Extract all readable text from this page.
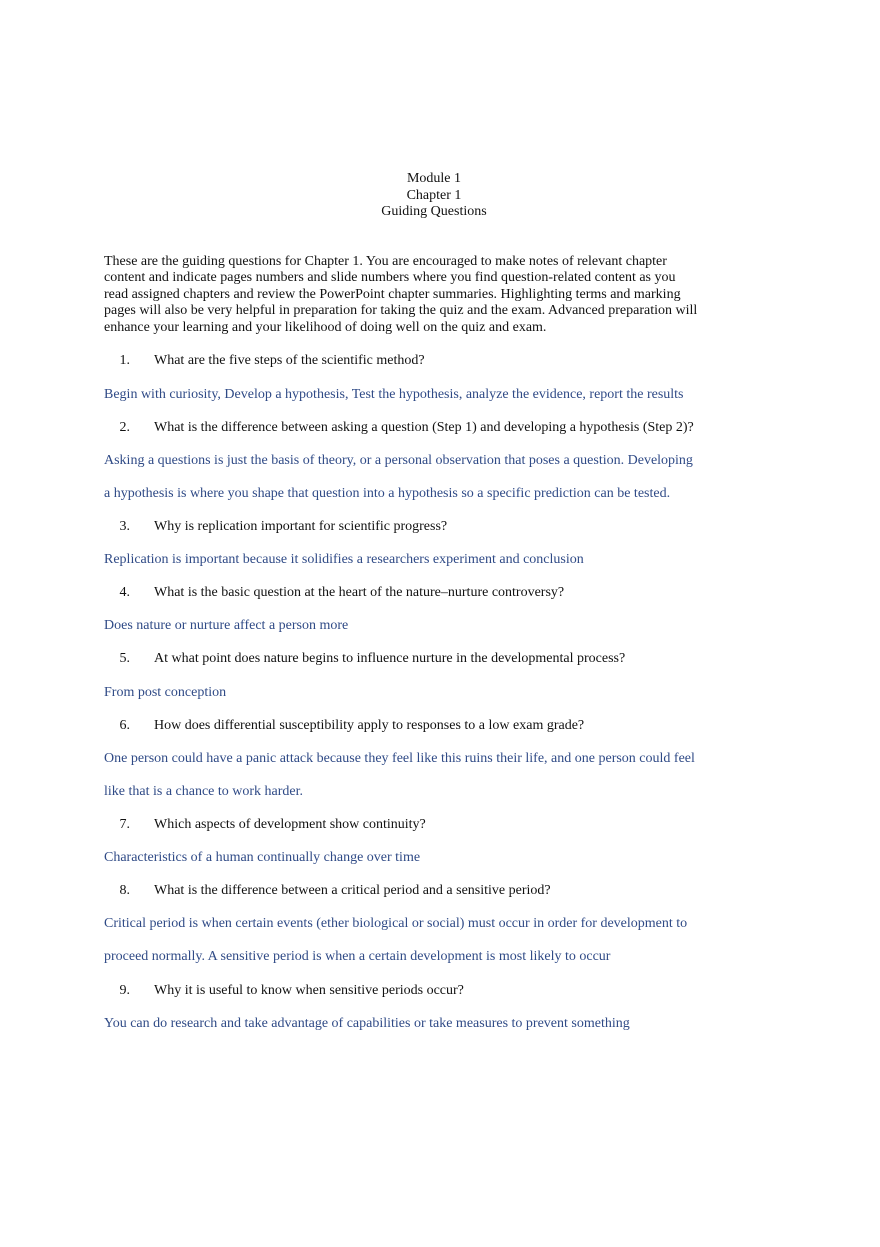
Module 1
Chapter 1
Guiding Questions
These are the guiding questions for Chapter 1. You are encouraged to make notes of relevant chapter
content and indicate pages numbers and slide numbers where you find question-related content as you
read assigned chapters and review the PowerPoint chapter summaries. Highlighting terms and marking
pages will also be very helpful in preparation for taking the quiz and the exam. Advanced preparation will
enhance your learning and your likelihood of doing well on the quiz and exam.
1. What are the five steps of the scientific method?
Begin with curiosity, Develop a hypothesis, Test the hypothesis, analyze the evidence, report the results
2. What is the difference between asking a question (Step 1) and developing a hypothesis (Step 2)?
Asking a questions is just the basis of theory, or a personal observation that poses a question. Developing
a hypothesis is where you shape that question into a hypothesis so a specific prediction can be tested.
3. Why is replication important for scientific progress?
Replication is important because it solidifies a researchers experiment and conclusion
4. What is the basic question at the heart of the nature–nurture controversy?
Does nature or nurture affect a person more
5. At what point does nature begins to influence nurture in the developmental process?
From post conception
6. How does differential susceptibility apply to responses to a low exam grade?
One person could have a panic attack because they feel like this ruins their life, and one person could feel
like that is a chance to work harder.
7. Which aspects of development show continuity?
Characteristics of a human continually change over time
8. What is the difference between a critical period and a sensitive period?
Critical period is when certain events (ether biological or social) must occur in order for development to
proceed normally. A sensitive period is when a certain development is most likely to occur
9. Why it is useful to know when sensitive periods occur?
You can do research and take advantage of capabilities or take measures to prevent something
